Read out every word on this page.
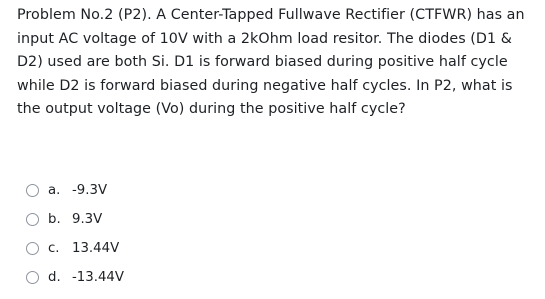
Problem No.2 (P2). A Center-Tapped Fullwave Rectifier (CTFWR) has an input AC voltage of 10V with a 2kOhm load resitor. The diodes (D1 & D2) used are both Si. D1 is forward biased during positive half cycle while D2 is forward biased during negative half cycles. In P2, what is the output voltage (Vo) during the positive half cycle?

a. -9.3V
b. 9.3V
c. 13.44V
d. -13.44V
